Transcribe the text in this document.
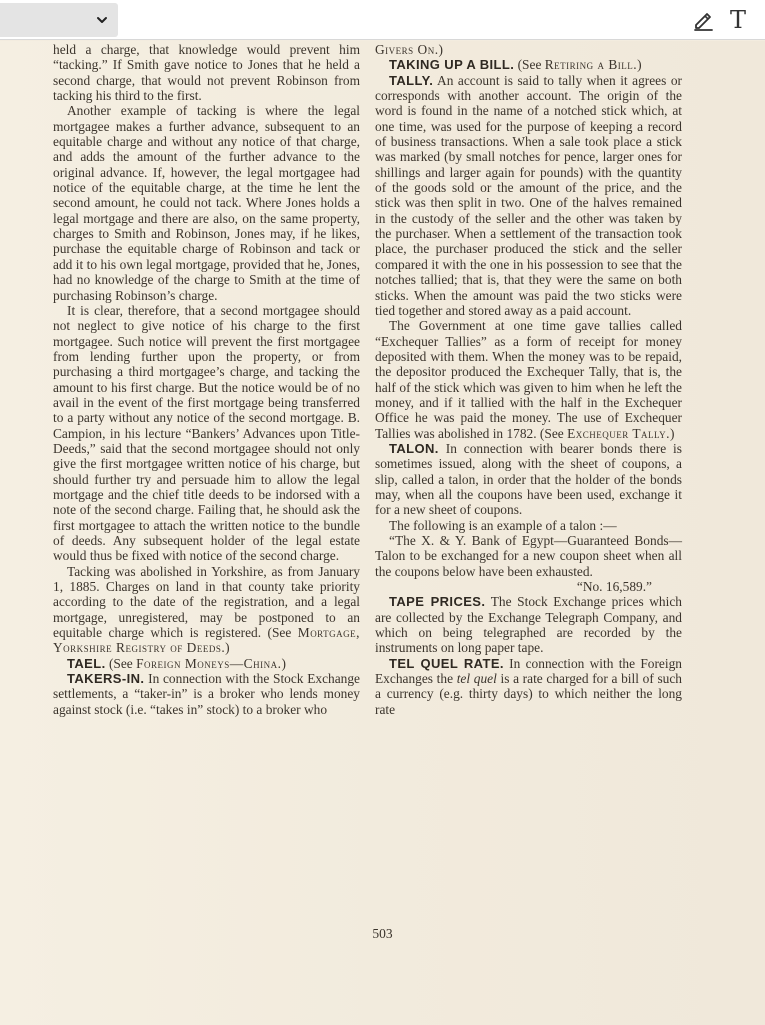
T

held a charge, that knowledge would prevent him “tacking.” If Smith gave notice to Jones that he held a second charge, that would not prevent Robinson from tacking his third to the first.

Another example of tacking is where the legal mortgagee makes a further advance, subsequent to an equitable charge and without any notice of that charge, and adds the amount of the further advance to the original advance. If, however, the legal mortgagee had notice of the equitable charge, at the time he lent the second amount, he could not tack. Where Jones holds a legal mortgage and there are also, on the same property, charges to Smith and Robinson, Jones may, if he likes, purchase the equitable charge of Robinson and tack or add it to his own legal mortgage, provided that he, Jones, had no knowledge of the charge to Smith at the time of purchasing Robinson’s charge.

It is clear, therefore, that a second mortgagee should not neglect to give notice of his charge to the first mortgagee. Such notice will prevent the first mortgagee from lending further upon the property, or from purchasing a third mortgagee’s charge, and tacking the amount to his first charge. But the notice would be of no avail in the event of the first mortgage being transferred to a party without any notice of the second mortgage. B. Campion, in his lecture “Bankers’ Advances upon Title-Deeds,” said that the second mortgagee should not only give the first mortgagee written notice of his charge, but should further try and persuade him to allow the legal mortgage and the chief title deeds to be indorsed with a note of the second charge. Failing that, he should ask the first mortgagee to attach the written notice to the bundle of deeds. Any subsequent holder of the legal estate would thus be fixed with notice of the second charge.

Tacking was abolished in Yorkshire, as from January 1, 1885. Charges on land in that county take priority according to the date of the registration, and a legal mortgage, unregistered, may be postponed to an equitable charge which is registered. (See Mortgage, Yorkshire Registry of Deeds.)

TAEL. (See Foreign Moneys—China.)

TAKERS-IN. In connection with the Stock Exchange settlements, a “taker-in” is a broker who lends money against stock (i.e. “takes in” stock) to a broker who

Givers On.)

TAKING UP A BILL. (See Retiring a Bill.)

TALLY. An account is said to tally when it agrees or corresponds with another account. The origin of the word is found in the name of a notched stick which, at one time, was used for the purpose of keeping a record of business transactions. When a sale took place a stick was marked (by small notches for pence, larger ones for shillings and larger again for pounds) with the quantity of the goods sold or the amount of the price, and the stick was then split in two. One of the halves remained in the custody of the seller and the other was taken by the purchaser. When a settlement of the transaction took place, the purchaser produced the stick and the seller compared it with the one in his possession to see that the notches tallied; that is, that they were the same on both sticks. When the amount was paid the two sticks were tied together and stored away as a paid account.

The Government at one time gave tallies called “Exchequer Tallies” as a form of receipt for money deposited with them. When the money was to be repaid, the depositor produced the Exchequer Tally, that is, the half of the stick which was given to him when he left the money, and if it tallied with the half in the Exchequer Office he was paid the money. The use of Exchequer Tallies was abolished in 1782. (See Exchequer Tally.)

TALON. In connection with bearer bonds there is sometimes issued, along with the sheet of coupons, a slip, called a talon, in order that the holder of the bonds may, when all the coupons have been used, exchange it for a new sheet of coupons.

The following is an example of a talon :—

“The X. & Y. Bank of Egypt—Guaranteed Bonds—Talon to be exchanged for a new coupon sheet when all the coupons below have been exhausted.

“No. 16,589.”

TAPE PRICES. The Stock Exchange prices which are collected by the Exchange Telegraph Company, and which on being telegraphed are recorded by the instruments on long paper tape.

TEL QUEL RATE. In connection with the Foreign Exchanges the tel quel is a rate charged for a bill of such a currency (e.g. thirty days) to which neither the long rate

503
